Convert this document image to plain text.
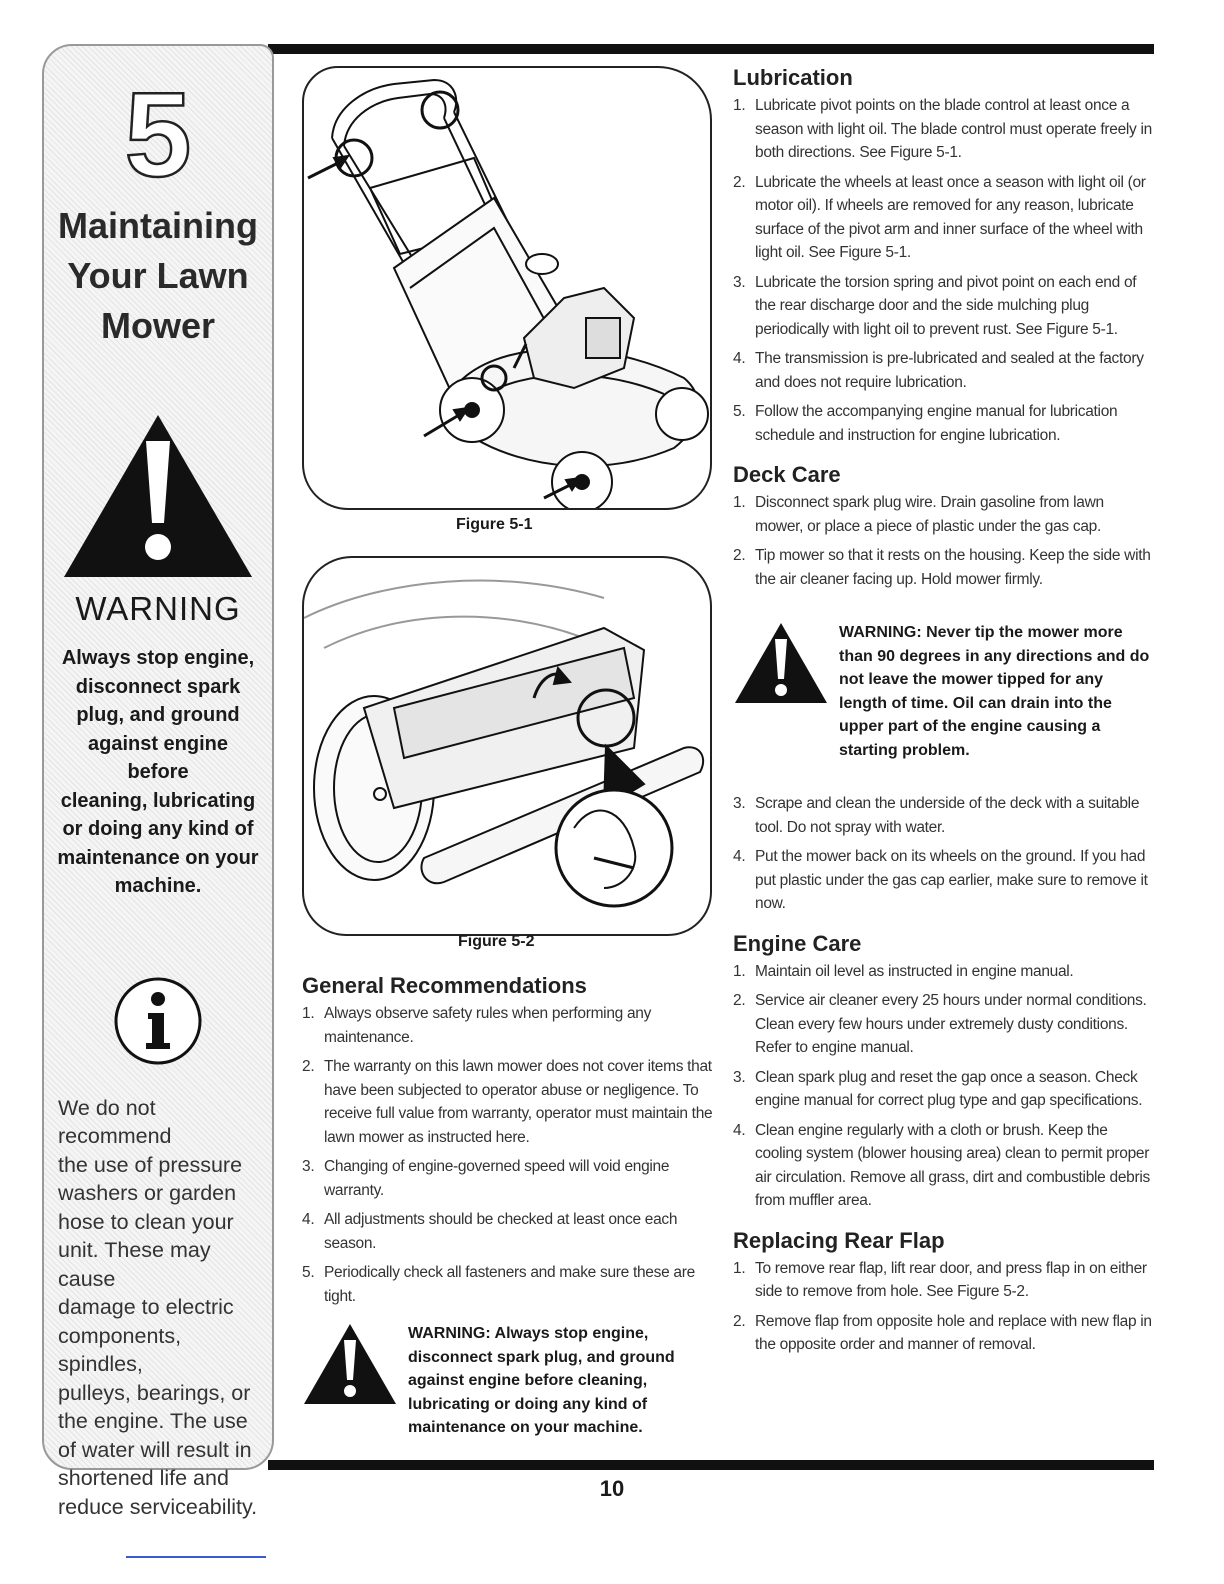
5
Maintaining
Your Lawn
Mower
WARNING
Always stop engine,
disconnect spark
plug, and ground
against engine before
cleaning, lubricating
or doing any kind of
maintenance on your
machine.
We do not recommend
the use of pressure
washers or garden
hose to clean your
unit. These may cause
damage to electric
components, spindles,
pulleys, bearings, or
the engine. The use
of water will result in
shortened life and
reduce serviceability.
Figure 5-1
Figure 5-2
General Recommendations
1. Always observe safety rules when performing any maintenance.
2. The warranty on this lawn mower does not cover items that have been subjected to operator abuse or negligence. To receive full value from warranty, operator must maintain the lawn mower as instructed here.
3. Changing of engine-governed speed will void engine warranty.
4. All adjustments should be checked at least once each season.
5. Periodically check all fasteners and make sure these are tight.
WARNING: Always stop engine, disconnect spark plug, and ground against engine before cleaning, lubricating or doing any kind of maintenance on your machine.
Lubrication
1. Lubricate pivot points on the blade control at least once a season with light oil. The blade control must operate freely in both directions. See Figure 5-1.
2. Lubricate the wheels at least once a season with light oil (or motor oil). If wheels are removed for any reason, lubricate surface of the pivot arm and inner surface of the wheel with light oil. See Figure 5-1.
3. Lubricate the torsion spring and pivot point on each end of the rear discharge door and the side mulching plug periodically with light oil to prevent rust. See Figure 5-1.
4. The transmission is pre-lubricated and sealed at the factory and does not require lubrication.
5. Follow the accompanying engine manual for lubrication schedule and instruction for engine lubrication.
Deck Care
1. Disconnect spark plug wire. Drain gasoline from lawn mower, or place a piece of plastic under the gas cap.
2. Tip mower so that it rests on the housing. Keep the side with the air cleaner facing up. Hold mower firmly.
WARNING: Never tip the mower more than 90 degrees in any directions and do not leave the mower tipped for any length of time. Oil can drain into the upper part of the engine causing a starting problem.
3. Scrape and clean the underside of the deck with a suitable tool. Do not spray with water.
4. Put the mower back on its wheels on the ground. If you had put plastic under the gas cap earlier, make sure to remove it now.
Engine Care
1. Maintain oil level as instructed in engine manual.
2. Service air cleaner every 25 hours under normal conditions. Clean every few hours under extremely dusty conditions. Refer to engine manual.
3. Clean spark plug and reset the gap once a season. Check engine manual for correct plug type and gap specifications.
4. Clean engine regularly with a cloth or brush. Keep the cooling system (blower housing area) clean to permit proper air circulation. Remove all grass, dirt and combustible debris from muffler area.
Replacing Rear Flap
1. To remove rear flap, lift rear door, and press flap in on either side to remove from hole. See Figure 5-2.
2. Remove flap from opposite hole and replace with new flap in the opposite order and manner of removal.
10
